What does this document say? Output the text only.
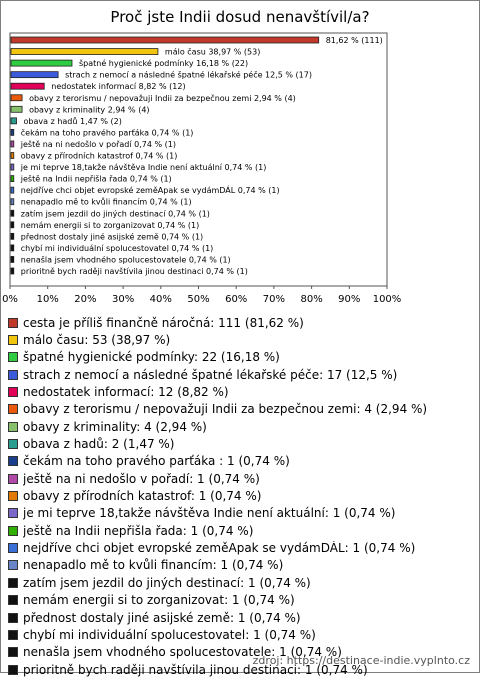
Proč jste Indii dosud nenavštívil/a?
81,62 % (111)
málo času 38,97 % (53)
špatné hygienické podmínky 16,18 % (22)
strach z nemocí a následné špatné lékařské péče 12,5 % (17)
nedostatek informací 8,82 % (12)
obavy z terorismu / nepovažuji Indii za bezpečnou zemi 2,94 % (4)
obavy z kriminality 2,94 % (4)
obava z hadů 1,47 % (2)
čekám na toho pravého parťáka 0,74 % (1)
ještě na ni nedošlo v pořadí 0,74 % (1)
obavy z přírodních katastrof 0,74 % (1)
je mi teprve 18,takže návštěva Indie není aktuální 0,74 % (1)
ještě na Indii nepřišla řada 0,74 % (1)
nejdříve chci objet evropské zeměApak se vydámDÁL 0,74 % (1)
nenapadlo mě to kvůli financím 0,74 % (1)
zatím jsem jezdil do jiných destinací 0,74 % (1)
nemám energii si to zorganizovat 0,74 % (1)
přednost dostaly jiné asijské země 0,74 % (1)
chybí mi individuální spolucestovatel 0,74 % (1)
nenašla jsem vhodného spolucestovatele 0,74 % (1)
prioritně bych raději navštívila jinou destinaci 0,74 % (1)
0% 10% 20% 30% 40% 50% 60% 70% 80% 90% 100%
cesta je příliš finančně náročná: 111 (81,62 %)
málo času: 53 (38,97 %)
špatné hygienické podmínky: 22 (16,18 %)
strach z nemocí a následné špatné lékařské péče: 17 (12,5 %)
nedostatek informací: 12 (8,82 %)
obavy z terorismu / nepovažuji Indii za bezpečnou zemi: 4 (2,94 %)
obavy z kriminality: 4 (2,94 %)
obava z hadů: 2 (1,47 %)
čekám na toho pravého parťáka : 1 (0,74 %)
ještě na ni nedošlo v pořadí: 1 (0,74 %)
obavy z přírodních katastrof: 1 (0,74 %)
je mi teprve 18,takže návštěva Indie není aktuální: 1 (0,74 %)
ještě na Indii nepřišla řada: 1 (0,74 %)
nejdříve chci objet evropské zeměApak se vydámDÁL: 1 (0,74 %)
nenapadlo mě to kvůli financím: 1 (0,74 %)
zatím jsem jezdil do jiných destinací: 1 (0,74 %)
nemám energii si to zorganizovat: 1 (0,74 %)
přednost dostaly jiné asijské země: 1 (0,74 %)
chybí mi individuální spolucestovatel: 1 (0,74 %)
nenašla jsem vhodného spolucestovatele: 1 (0,74 %)
prioritně bych raději navštívila jinou destinaci: 1 (0,74 %)
zdroj: https://destinace-indie.vyplnto.cz
